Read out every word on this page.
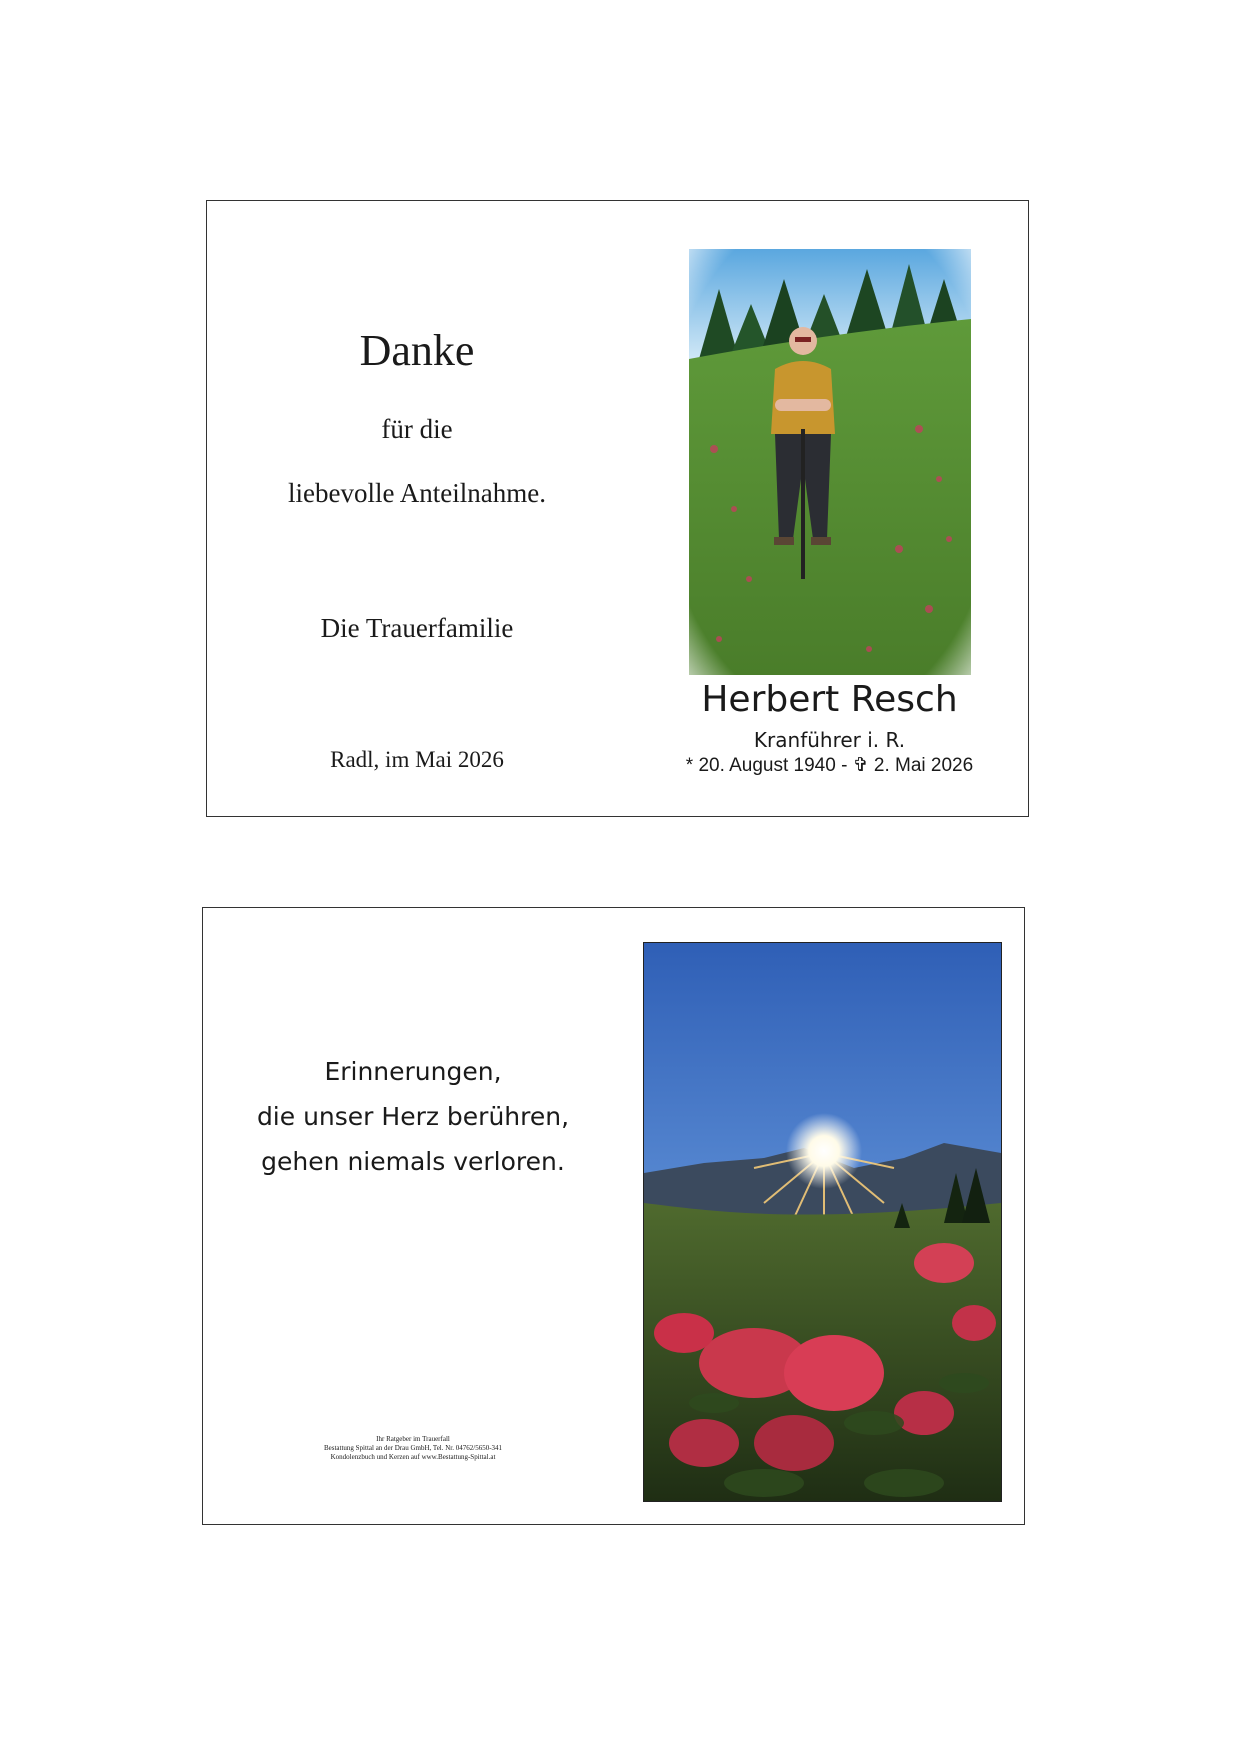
Danke
für die
liebevolle Anteilnahme.
Die Trauerfamilie
Radl, im Mai 2026
Herbert Resch
Kranführer i. R.
* 20. August 1940 - ✞ 2. Mai 2026
Erinnerungen,
die unser Herz berühren,
gehen niemals verloren.
Ihr Ratgeber im Trauerfall
Bestattung Spittal an der Drau GmbH, Tel. Nr. 04762/5650-341
Kondolenzbuch und Kerzen auf www.Bestattung-Spittal.at
